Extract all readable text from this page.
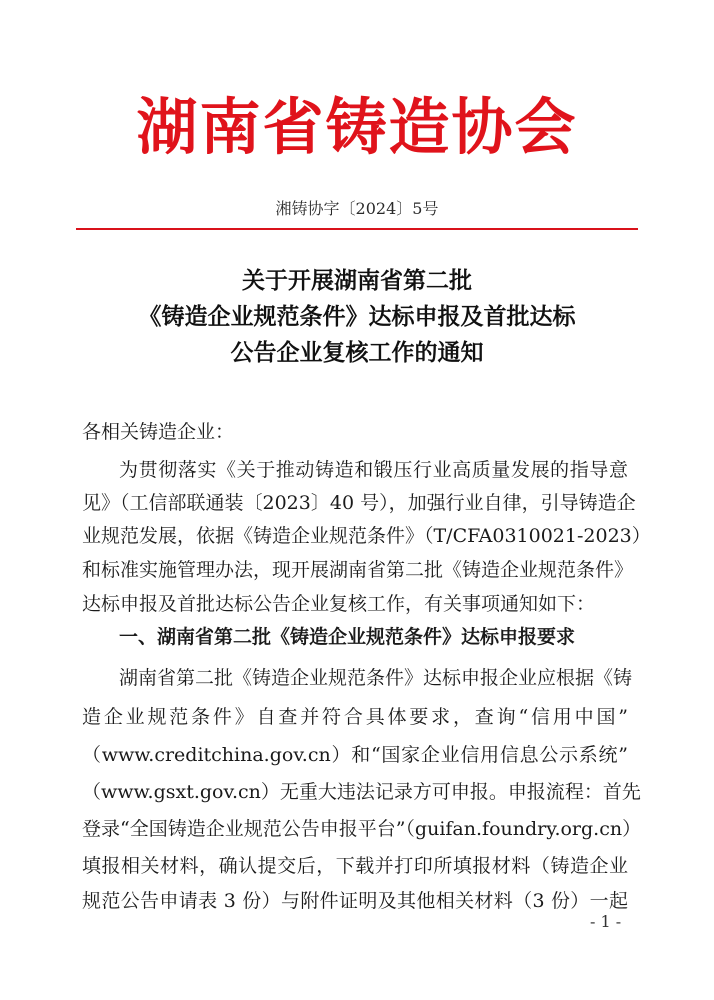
湖南省铸造协会
湘铸协字〔2024〕5号
关于开展湖南省第二批
《铸造企业规范条件》达标申报及首批达标
公告企业复核工作的通知
各相关铸造企业：
为贯彻落实《关于推动铸造和锻压行业高质量发展的指导意
见》（工信部联通装〔2023〕40 号），加强行业自律，引导铸造企
业规范发展，依据《铸造企业规范条件》（T/CFA0310021-2023）
和标准实施管理办法，现开展湖南省第二批《铸造企业规范条件》
达标申报及首批达标公告企业复核工作，有关事项通知如下：
一、湖南省第二批《铸造企业规范条件》达标申报要求
湖南省第二批《铸造企业规范条件》达标申报企业应根据《铸
造企业规范条件》自查并符合具体要求，查询“信用中国”
（www.creditchina.gov.cn）和“国家企业信用信息公示系统”
（www.gsxt.gov.cn）无重大违法记录方可申报。申报流程：首先
登录“全国铸造企业规范公告申报平台”（guifan.foundry.org.cn）
填报相关材料，确认提交后，下载并打印所填报材料（铸造企业
规范公告申请表 3 份）与附件证明及其他相关材料（3 份）一起
- 1 -
